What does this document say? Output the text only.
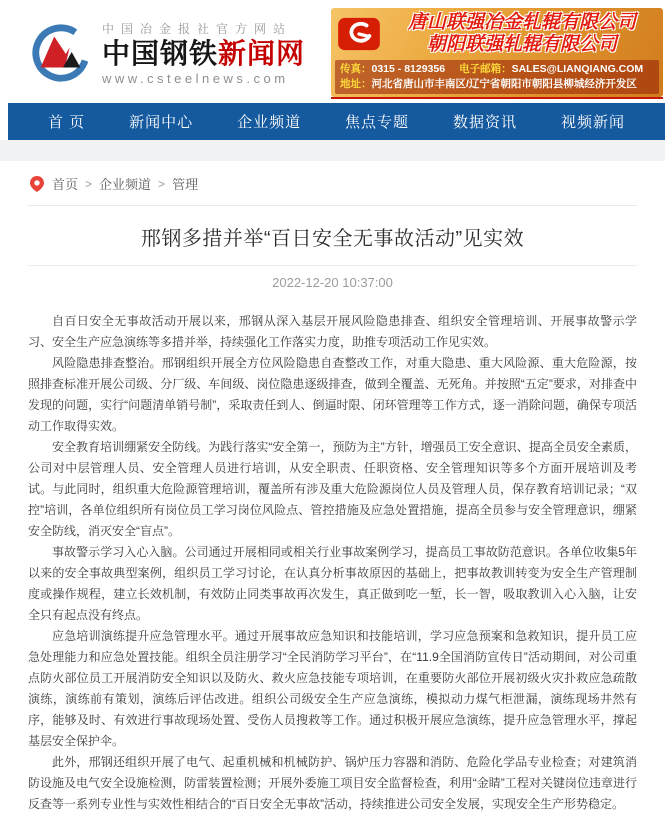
中国冶金报社官方网站
中国钢铁新闻网
www.csteelnews.com
唐山联强冶金轧辊有限公司
朝阳联强轧辊有限公司
传真：0315 - 8129356 电子邮箱：SALES@LIANQIANG.COM
地址：河北省唐山市丰南区/辽宁省朝阳市朝阳县柳城经济开发区
首 页	新闻中心	企业频道	焦点专题	数据资讯	视频新闻
首页 > 企业频道 > 管理
邢钢多措并举“百日安全无事故活动”见实效
2022-12-20 10:37:00

自百日安全无事故活动开展以来，邢钢从深入基层开展风险隐患排查、组织安全管理培训、开展事故警示学习、安全生产应急演练等多措并举，持续强化工作落实力度，助推专项活动工作见实效。

风险隐患排查整治。邢钢组织开展全方位风险隐患自查整改工作，对重大隐患、重大风险源、重大危险源，按照排查标准开展公司级、分厂级、车间级、岗位隐患逐级排查，做到全覆盖、无死角。并按照“五定”要求，对排查中发现的问题，实行“问题清单销号制”，采取责任到人、倒逼时限、闭环管理等工作方式，逐一消除问题，确保专项活动工作取得实效。

安全教育培训绷紧安全防线。为践行落实“安全第一，预防为主”方针，增强员工安全意识、提高全员安全素质，公司对中层管理人员、安全管理人员进行培训，从安全职责、任职资格、安全管理知识等多个方面开展培训及考试。与此同时，组织重大危险源管理培训，覆盖所有涉及重大危险源岗位人员及管理人员，保存教育培训记录；“双控”培训，各单位组织所有岗位员工学习岗位风险点、管控措施及应急处置措施，提高全员参与安全管理意识，绷紧安全防线，消灭安全“盲点”。

事故警示学习入心入脑。公司通过开展相同或相关行业事故案例学习，提高员工事故防范意识。各单位收集5年以来的安全事故典型案例，组织员工学习讨论，在认真分析事故原因的基础上，把事故教训转变为安全生产管理制度或操作规程，建立长效机制，有效防止同类事故再次发生，真正做到吃一堑，长一智，吸取教训入心入脑，让安全只有起点没有终点。

应急培训演练提升应急管理水平。通过开展事故应急知识和技能培训，学习应急预案和急救知识，提升员工应急处理能力和应急处置技能。组织全员注册学习“全民消防学习平台”，在“11.9全国消防宣传日”活动期间，对公司重点防火部位员工开展消防安全知识以及防火、救火应急技能专项培训，在重要防火部位开展初级火灾扑救应急疏散演练，演练前有策划，演练后评估改进。组织公司级安全生产应急演练，模拟动力煤气柜泄漏，演练现场井然有序，能够及时、有效进行事故现场处置、受伤人员搜救等工作。通过积极开展应急演练，提升应急管理水平，撑起基层安全保护伞。

此外，邢钢还组织开展了电气、起重机械和机械防护、锅炉压力容器和消防、危险化学品专业检查；对建筑消防设施及电气安全设施检测，防雷装置检测；开展外委施工项目安全监督检查，利用“金睛”工程对关键岗位违章进行反查等一系列专业性与实效性相结合的“百日安全无事故”活动，持续推进公司安全发展，实现安全生产形势稳定。
